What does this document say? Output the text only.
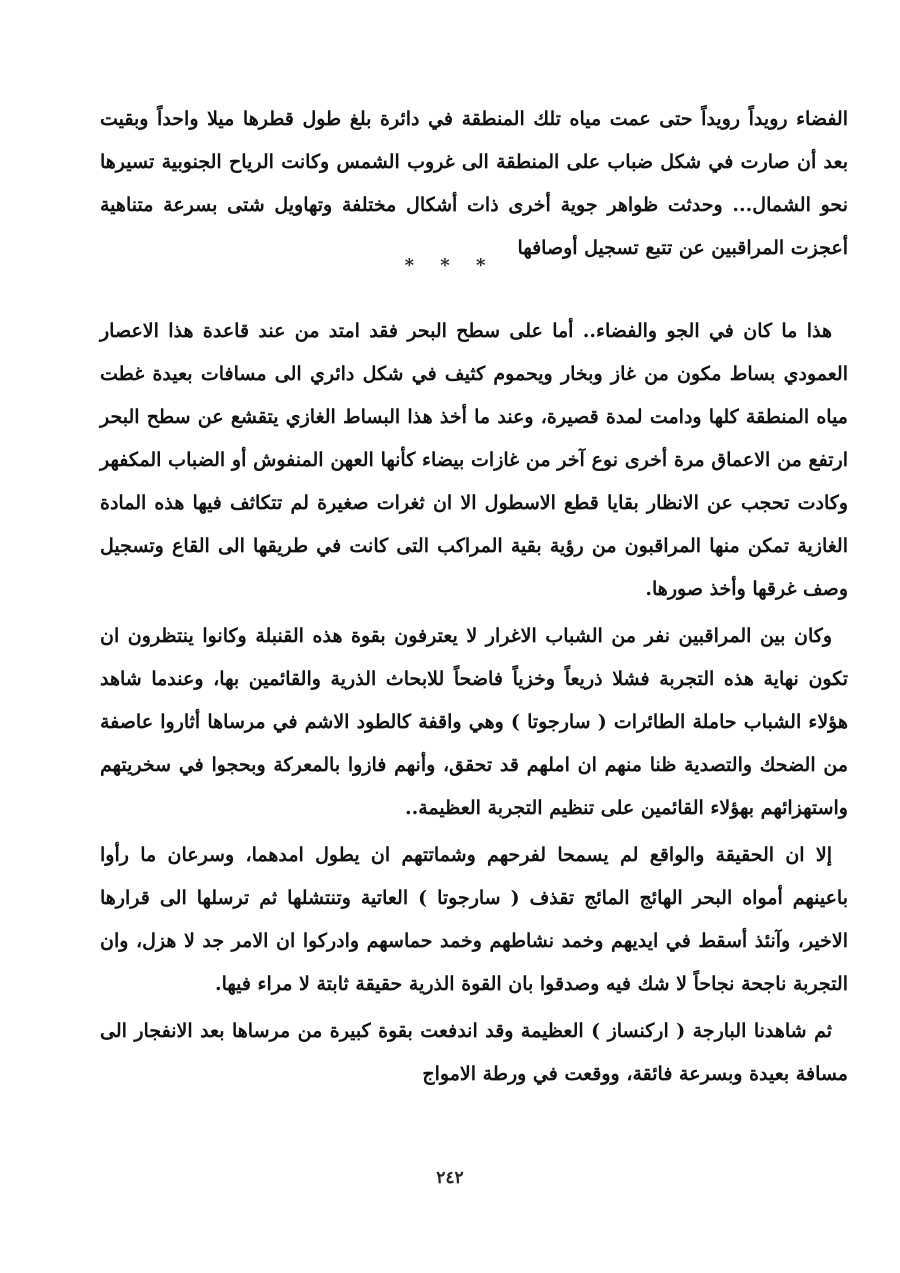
الفضاء رويداً رويداً حتى عمت مياه تلك المنطقة في دائرة بلغ طول قطرها ميلا واحداً وبقيت بعد أن صارت في شكل ضباب على المنطقة الى غروب الشمس وكانت الرياح الجنوبية تسيرها نحو الشمال... وحدثت ظواهر جوية أخرى ذات أشكال مختلفة وتهاويل شتى بسرعة متناهية أعجزت المراقبين عن تتبع تسجيل أوصافها

هذا ما كان في الجو والفضاء.. أما على سطح البحر فقد امتد من عند قاعدة هذا الاعصار العمودي بساط مكون من غاز وبخار ويحموم كثيف في شكل دائري الى مسافات بعيدة غطت مياه المنطقة كلها ودامت لمدة قصيرة، وعند ما أخذ هذا البساط الغازي يتقشع عن سطح البحر ارتفع من الاعماق مرة أخرى نوع آخر من غازات بيضاء كأنها العهن المنفوش أو الضباب المكفهر وكادت تحجب عن الانظار بقايا قطع الاسطول الا ان ثغرات صغيرة لم تتكاثف فيها هذه المادة الغازية تمكن منها المراقبون من رؤية بقية المراكب التى كانت في طريقها الى القاع وتسجيل وصف غرقها وأخذ صورها.

وكان بين المراقبين نفر من الشباب الاغرار لا يعترفون بقوة هذه القنبلة وكانوا ينتظرون ان تكون نهاية هذه التجربة فشلا ذريعاً وخزياً فاضحاً للابحاث الذرية والقائمين بها، وعندما شاهد هؤلاء الشباب حاملة الطائرات ( سارجوتا ) وهي واقفة كالطود الاشم في مرساها أثاروا عاصفة من الضحك والتصدية ظنا منهم ان املهم قد تحقق، وأنهم فازوا بالمعركة وبحجوا في سخريتهم واستهزائهم بهؤلاء القائمين على تنظيم التجربة العظيمة..

إلا ان الحقيقة والواقع لم يسمحا لفرحهم وشماتتهم ان يطول امدهما، وسرعان ما رأوا باعينهم أمواه البحر الهائج المائج تقذف ( سارجوتا ) العاتية وتنتشلها ثم ترسلها الى قرارها الاخير، وآنئذ أسقط في ايديهم وخمد نشاطهم وخمد حماسهم وادركوا ان الامر جد لا هزل، وان التجربة ناجحة نجاحاً لا شك فيه وصدقوا بان القوة الذرية حقيقة ثابتة لا مراء فيها.

ثم شاهدنا البارجة ( اركنساز ) العظيمة وقد اندفعت بقوة كبيرة من مرساها بعد الانفجار الى مسافة بعيدة وبسرعة فائقة، ووقعت في ورطة الامواج

* * *
٢٤٢
